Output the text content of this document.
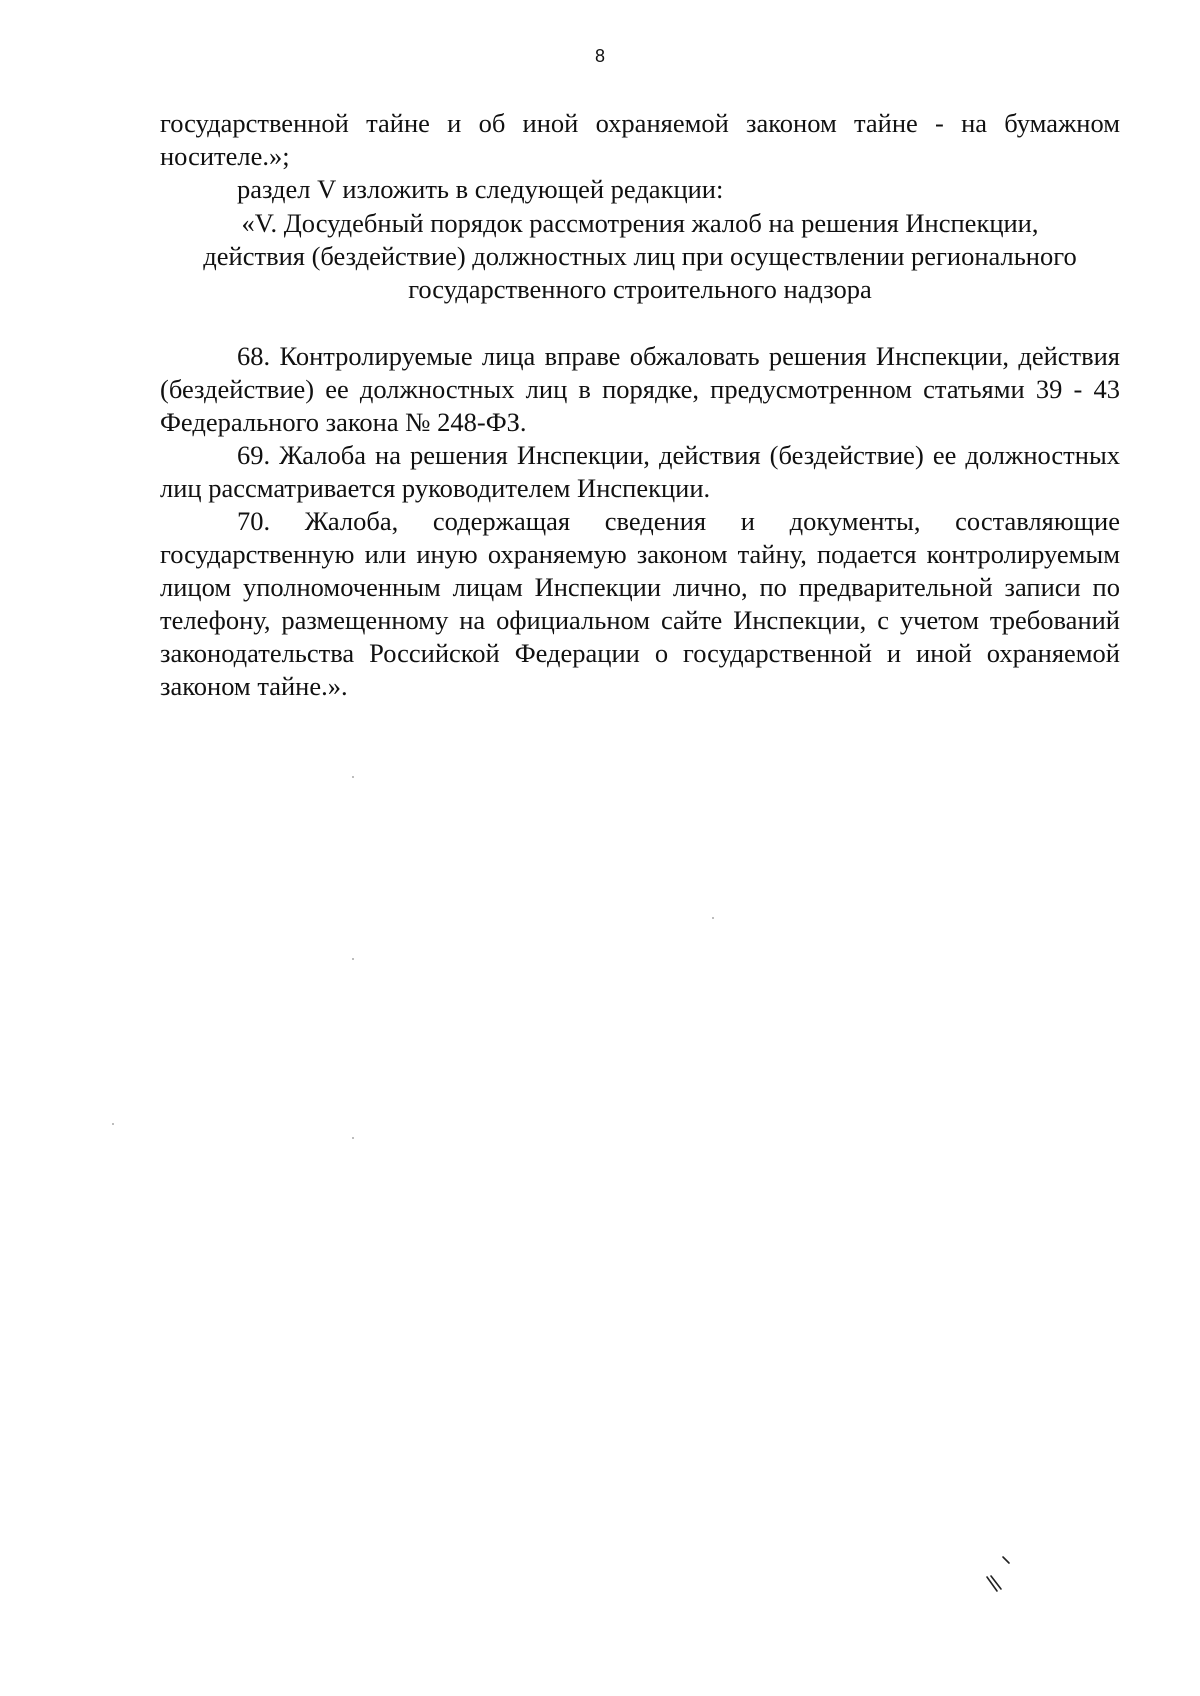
8

государственной тайне и об иной охраняемой законом тайне - на бумажном носителе.»;

раздел V изложить в следующей редакции:

«V. Досудебный порядок рассмотрения жалоб на решения Инспекции,

действия (бездействие) должностных лиц при осуществлении регионального

государственного строительного надзора

68. Контролируемые лица вправе обжаловать решения Инспекции, действия (бездействие) ее должностных лиц в порядке, предусмотренном статьями 39 - 43 Федерального закона № 248-ФЗ.

69. Жалоба на решения Инспекции, действия (бездействие) ее должностных лиц рассматривается руководителем Инспекции.

70. Жалоба, содержащая сведения и документы, составляющие государственную или иную охраняемую законом тайну, подается контролируемым лицом уполномоченным лицам Инспекции лично, по предварительной записи по телефону, размещенному на официальном сайте Инспекции, с учетом требований законодательства Российской Федерации о государственной и иной охраняемой законом тайне.».
